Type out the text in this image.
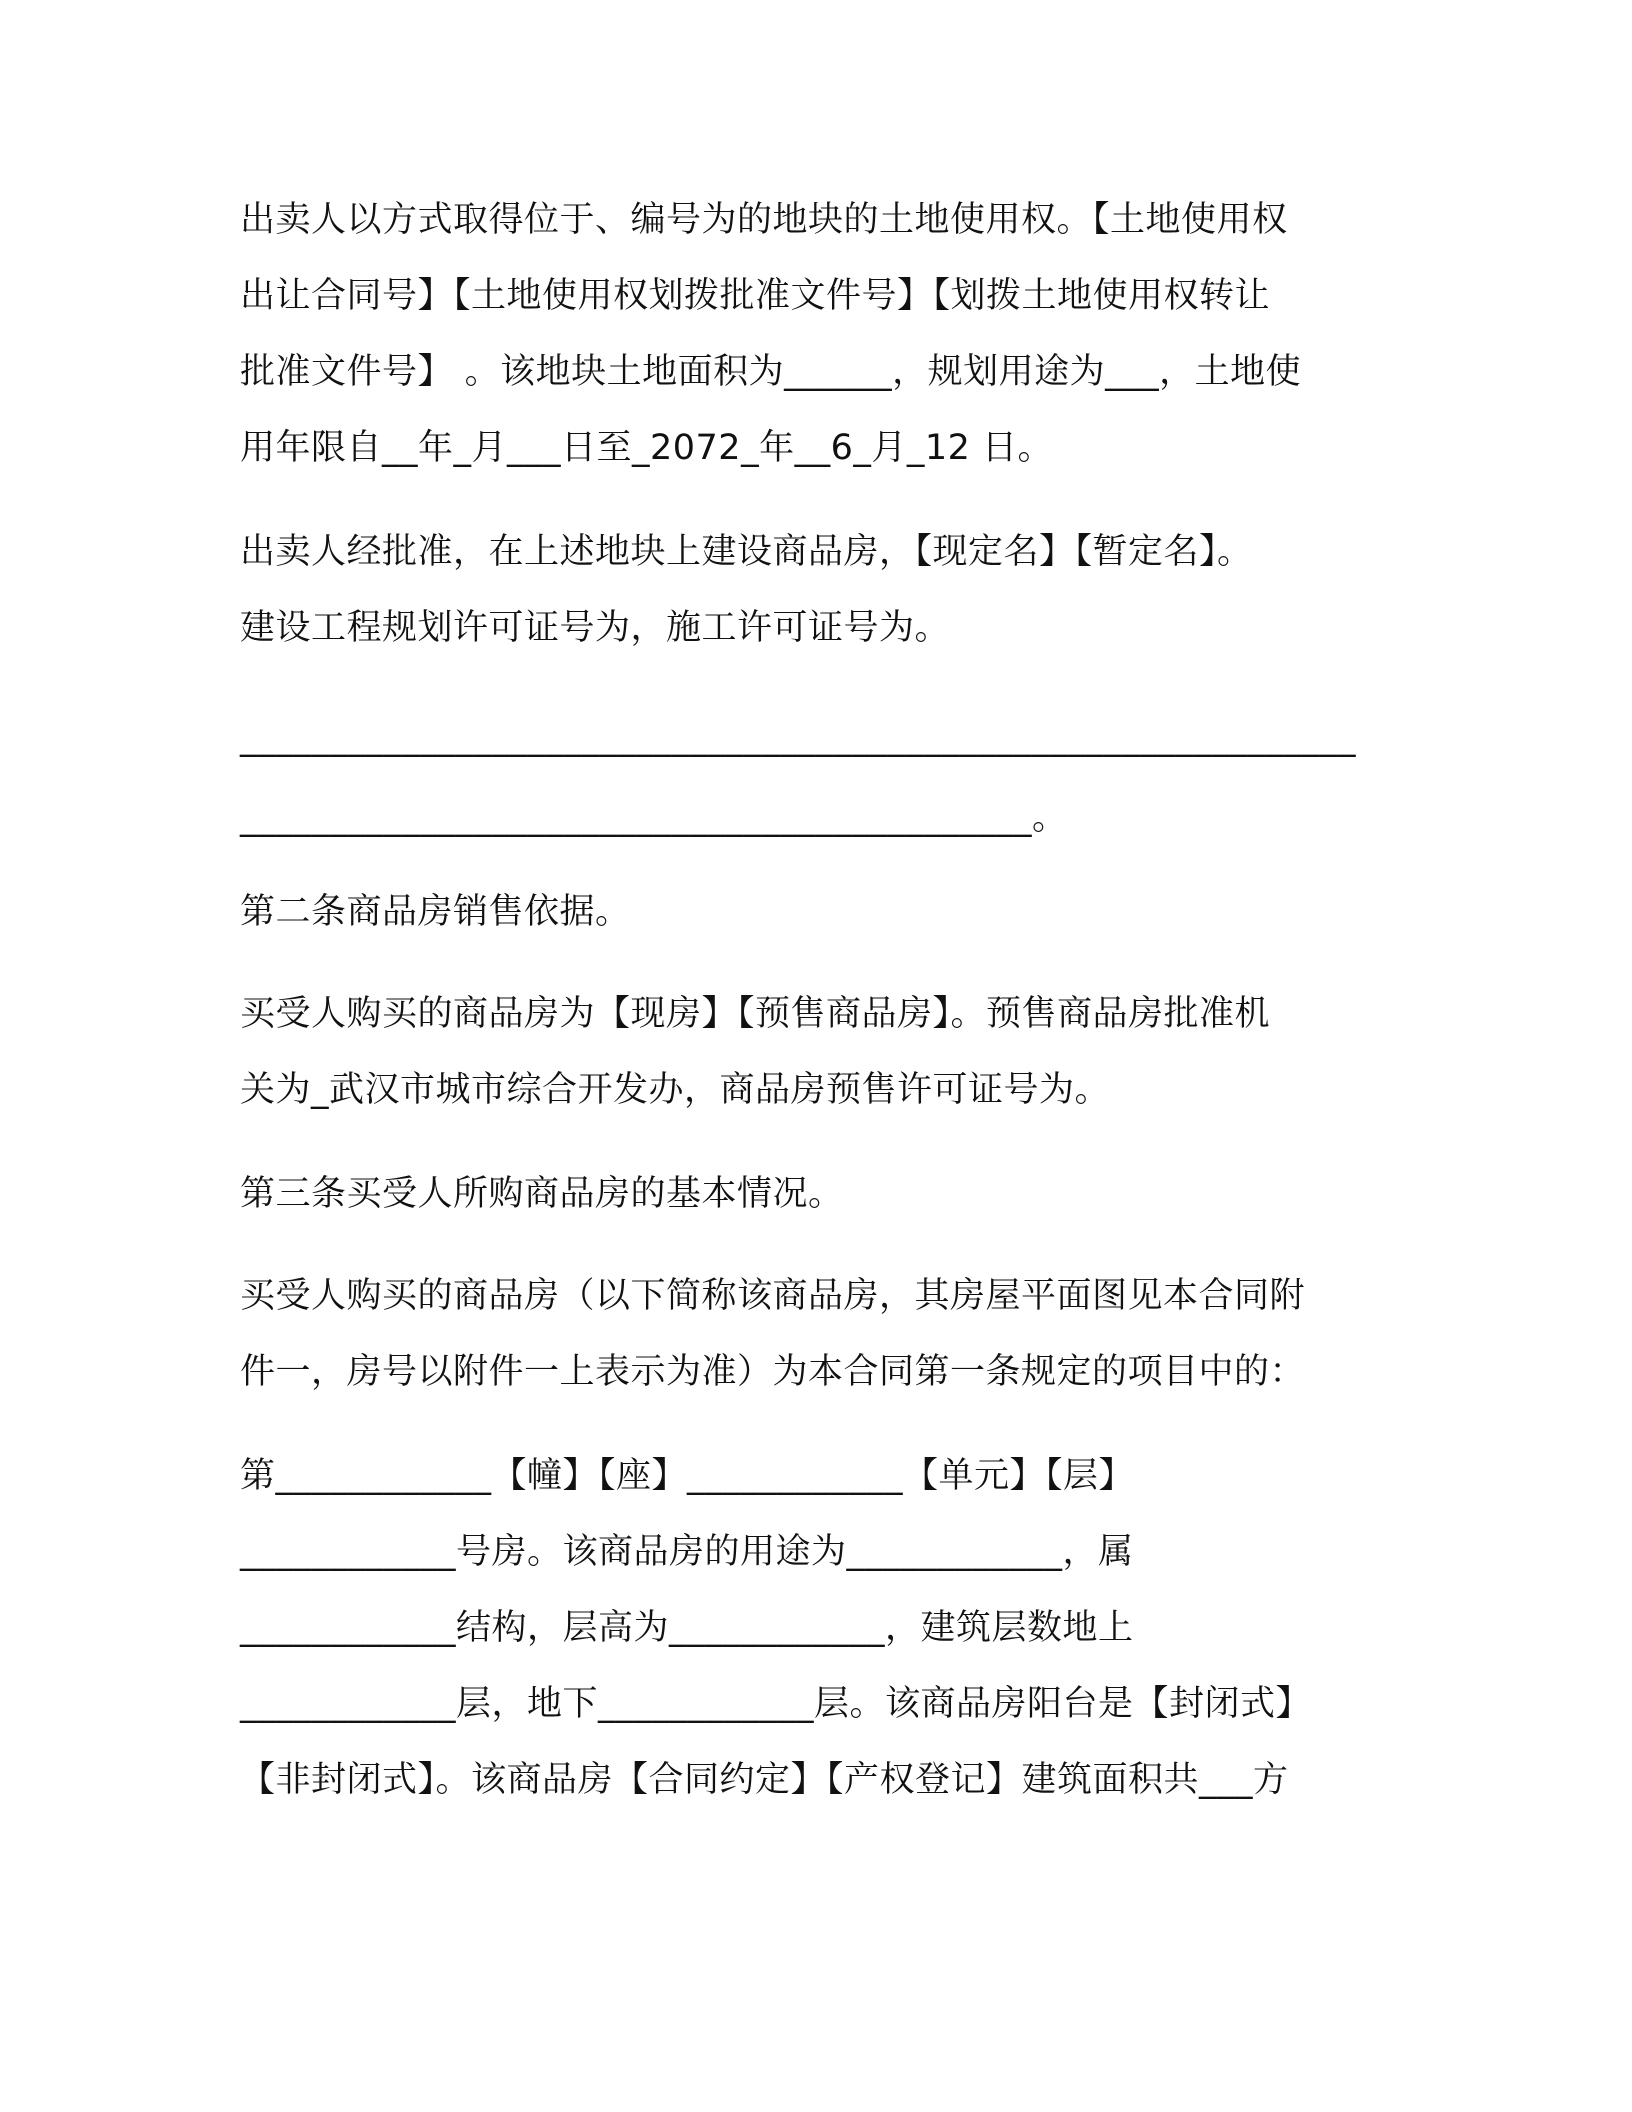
出卖人以方式取得位于、编号为的地块的土地使用权。【土地使用权
出让合同号】【土地使用权划拨批准文件号】【划拨土地使用权转让
批准文件号】 。该地块土地面积为______，规划用途为___，土地使
用年限自__年_月___日至_2072_年__6_月_12 日。
出卖人经批准，在上述地块上建设商品房，【现定名】【暂定名】。
建设工程规划许可证号为，施工许可证号为。
______________________________________________________________
____________________________________________。
第二条商品房销售依据。
买受人购买的商品房为【现房】【预售商品房】。预售商品房批准机
关为_武汉市城市综合开发办，商品房预售许可证号为。
第三条买受人所购商品房的基本情况。
买受人购买的商品房（以下简称该商品房，其房屋平面图见本合同附
件一，房号以附件一上表示为准）为本合同第一条规定的项目中的：
第____________【幢】【座】____________【单元】【层】
____________号房。该商品房的用途为____________，属
____________结构，层高为____________，建筑层数地上
____________层，地下____________层。该商品房阳台是【封闭式】
【非封闭式】。该商品房【合同约定】【产权登记】建筑面积共___方
